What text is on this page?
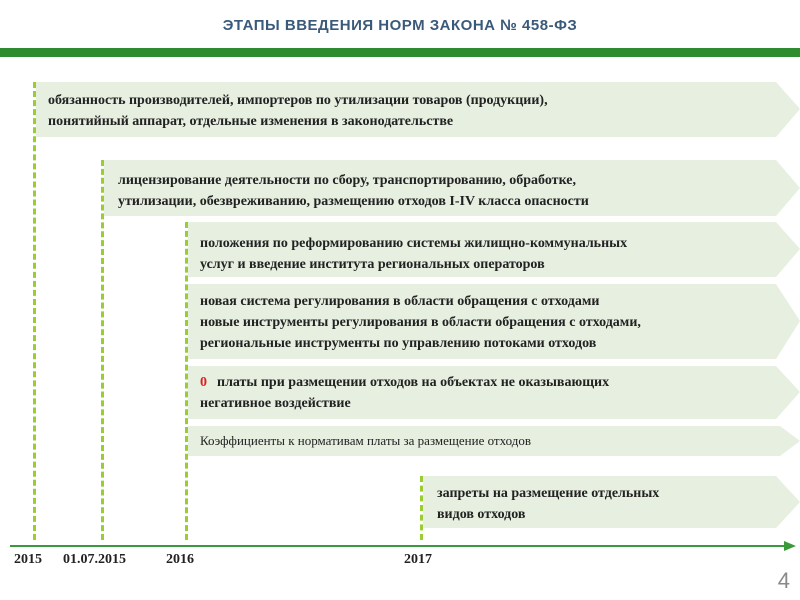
ЭТАПЫ ВВЕДЕНИЯ НОРМ ЗАКОНА № 458-ФЗ
обязанность производителей, импортеров по утилизации товаров (продукции),
понятийный аппарат, отдельные изменения в законодательстве
лицензирование деятельности по сбору, транспортированию, обработке,
утилизации, обезвреживанию, размещению отходов I-IV класса опасности
положения по реформированию системы жилищно-коммунальных
услуг и введение института региональных операторов
новая система регулирования в области обращения с отходами
новые инструменты регулирования в области обращения с отходами,
региональные инструменты по управлению потоками отходов
0 платы при размещении отходов на объектах не оказывающих
негативное воздействие
Коэффициенты к нормативам платы за размещение отходов
запреты на размещение отдельных
видов отходов
2015 01.07.2015	2016	2017
4
